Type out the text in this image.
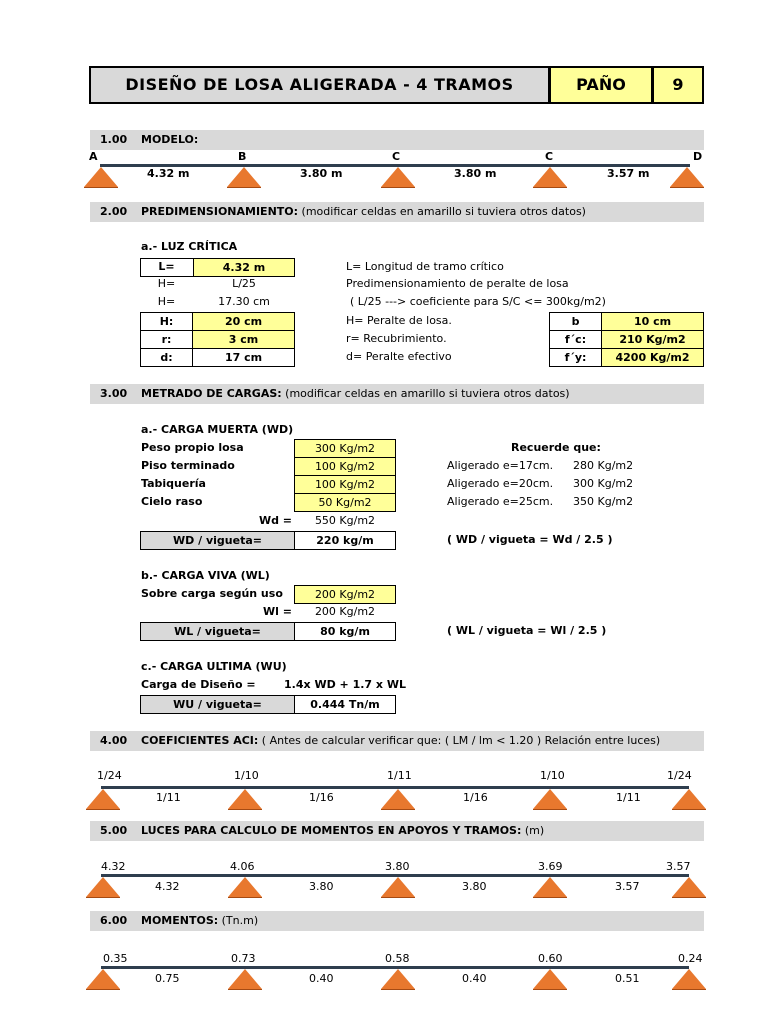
DISEÑO DE LOSA ALIGERADA - 4 TRAMOS	PAÑO	9
1.00	MODELO:
A	B	C	C	D
4.32 m	3.80 m	3.80 m	3.57 m
2.00	PREDIMENSIONAMIENTO: (modificar celdas en amarillo si tuviera otros datos)
a.- LUZ CRÍTICA
L=	4.32 m
H=	L/25
H=	17.30 cm
H:	20 cm
r:	3 cm
d:	17 cm
L= Longitud de tramo crítico
Predimensionamiento de peralte de losa
( L/25 ---> coeficiente para S/C <= 300kg/m2)
H= Peralte de losa.
r= Recubrimiento.
d= Peralte efectivo
b	10 cm
f´c:	210 Kg/m2
f´y:	4200 Kg/m2
3.00	METRADO DE CARGAS: (modificar celdas en amarillo si tuviera otros datos)
a.- CARGA MUERTA (WD)
Peso propio losa	300 Kg/m2
Piso terminado	100 Kg/m2
Tabiquería	100 Kg/m2
Cielo raso	50 Kg/m2
Wd =	550 Kg/m2
WD / vigueta=	220 kg/m	( WD / vigueta = Wd / 2.5 )
Recuerde que:
Aligerado e=17cm. 280 Kg/m2
Aligerado e=20cm. 300 Kg/m2
Aligerado e=25cm. 350 Kg/m2
b.- CARGA VIVA (WL)
Sobre carga según uso	200 Kg/m2
Wl =	200 Kg/m2
WL / vigueta=	80 kg/m	( WL / vigueta = Wl / 2.5 )
c.- CARGA ULTIMA (WU)
Carga de Diseño =	1.4x WD + 1.7 x WL
WU / vigueta=	0.444 Tn/m
4.00	COEFICIENTES ACI: ( Antes de calcular verificar que: ( LM / lm < 1.20 ) Relación entre luces)
1/24	1/10	1/11	1/10	1/24
1/11	1/16	1/16	1/11
5.00	LUCES PARA CALCULO DE MOMENTOS EN APOYOS Y TRAMOS: (m)
4.32	4.06	3.80	3.69	3.57
4.32	3.80	3.80	3.57
6.00	MOMENTOS: (Tn.m)
0.35	0.73	0.58	0.60	0.24
0.75	0.40	0.40	0.51
